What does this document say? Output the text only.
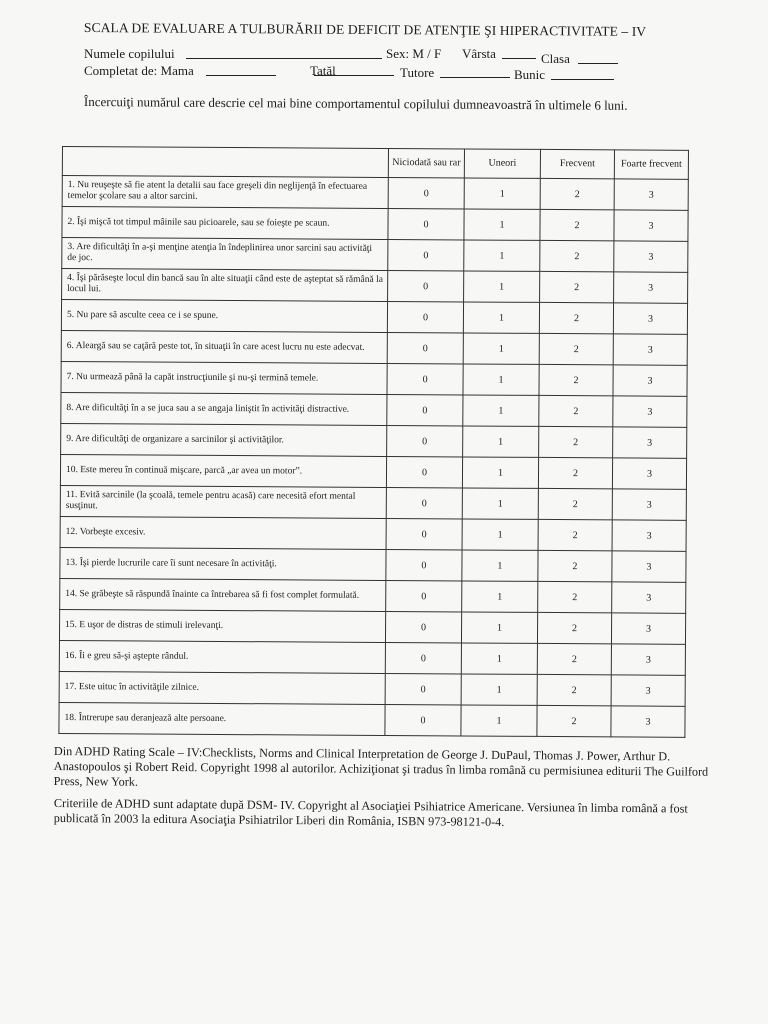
SCALA DE EVALUARE A TULBURĂRII DE DEFICIT DE ATENŢIE ŞI HIPERACTIVITATE – IV
Numele copilului	Sex: M / F Vârsta	Clasa
Completat de: Mama	Tatăl	Tutore	Bunic
Încercuiţi numărul care descrie cel mai bine comportamentul copilului dumneavoastră în ultimele 6 luni.
	Niciodată sau rar	Uneori	Frecvent	Foarte frecvent
1. Nu reuşeşte să fie atent la detalii sau face greşeli din neglijenţă în efectuarea temelor şcolare sau a altor sarcini.	0	1	2	3
2. Îşi mişcă tot timpul mâinile sau picioarele, sau se foieşte pe scaun.	0	1	2	3
3. Are dificultăţi în a-şi menţine atenţia în îndeplinirea unor sarcini sau activităţi de joc.	0	1	2	3
4. Îşi părăseşte locul din bancă sau în alte situaţii când este de aşteptat să rămână la locul lui.	0	1	2	3
5. Nu pare să asculte ceea ce i se spune.	0	1	2	3
6. Aleargă sau se caţără peste tot, în situaţii în care acest lucru nu este adecvat.	0	1	2	3
7. Nu urmează până la capăt instrucţiunile şi nu-şi termină temele.	0	1	2	3
8. Are dificultăţi în a se juca sau a se angaja liniştit în activităţi distractive.	0	1	2	3
9. Are dificultăţi de organizare a sarcinilor şi activităţilor.	0	1	2	3
10. Este mereu în continuă mişcare, parcă „ar avea un motor”.	0	1	2	3
11. Evită sarcinile (la şcoală, temele pentru acasă) care necesită efort mental susţinut.	0	1	2	3
12. Vorbeşte excesiv.	0	1	2	3
13. Îşi pierde lucrurile care îi sunt necesare în activităţi.	0	1	2	3
14. Se grăbeşte să răspundă înainte ca întrebarea să fi fost complet formulată.	0	1	2	3
15. E uşor de distras de stimuli irelevanţi.	0	1	2	3
16. Îi e greu să-şi aştepte rândul.	0	1	2	3
17. Este uituc în activităţile zilnice.	0	1	2	3
18. Întrerupe sau deranjează alte persoane.	0	1	2	3
Din ADHD Rating Scale – IV:Checklists, Norms and Clinical Interpretation de George J. DuPaul, Thomas J. Power, Arthur D. Anastopoulos şi Robert Reid. Copyright 1998 al autorilor. Achiziţionat şi tradus în limba română cu permisiunea editurii The Guilford Press, New York.
Criteriile de ADHD sunt adaptate după DSM- IV. Copyright al Asociaţiei Psihiatrice Americane. Versiunea în limba română a fost publicată în 2003 la editura Asociaţia Psihiatrilor Liberi din România, ISBN 973-98121-0-4.
